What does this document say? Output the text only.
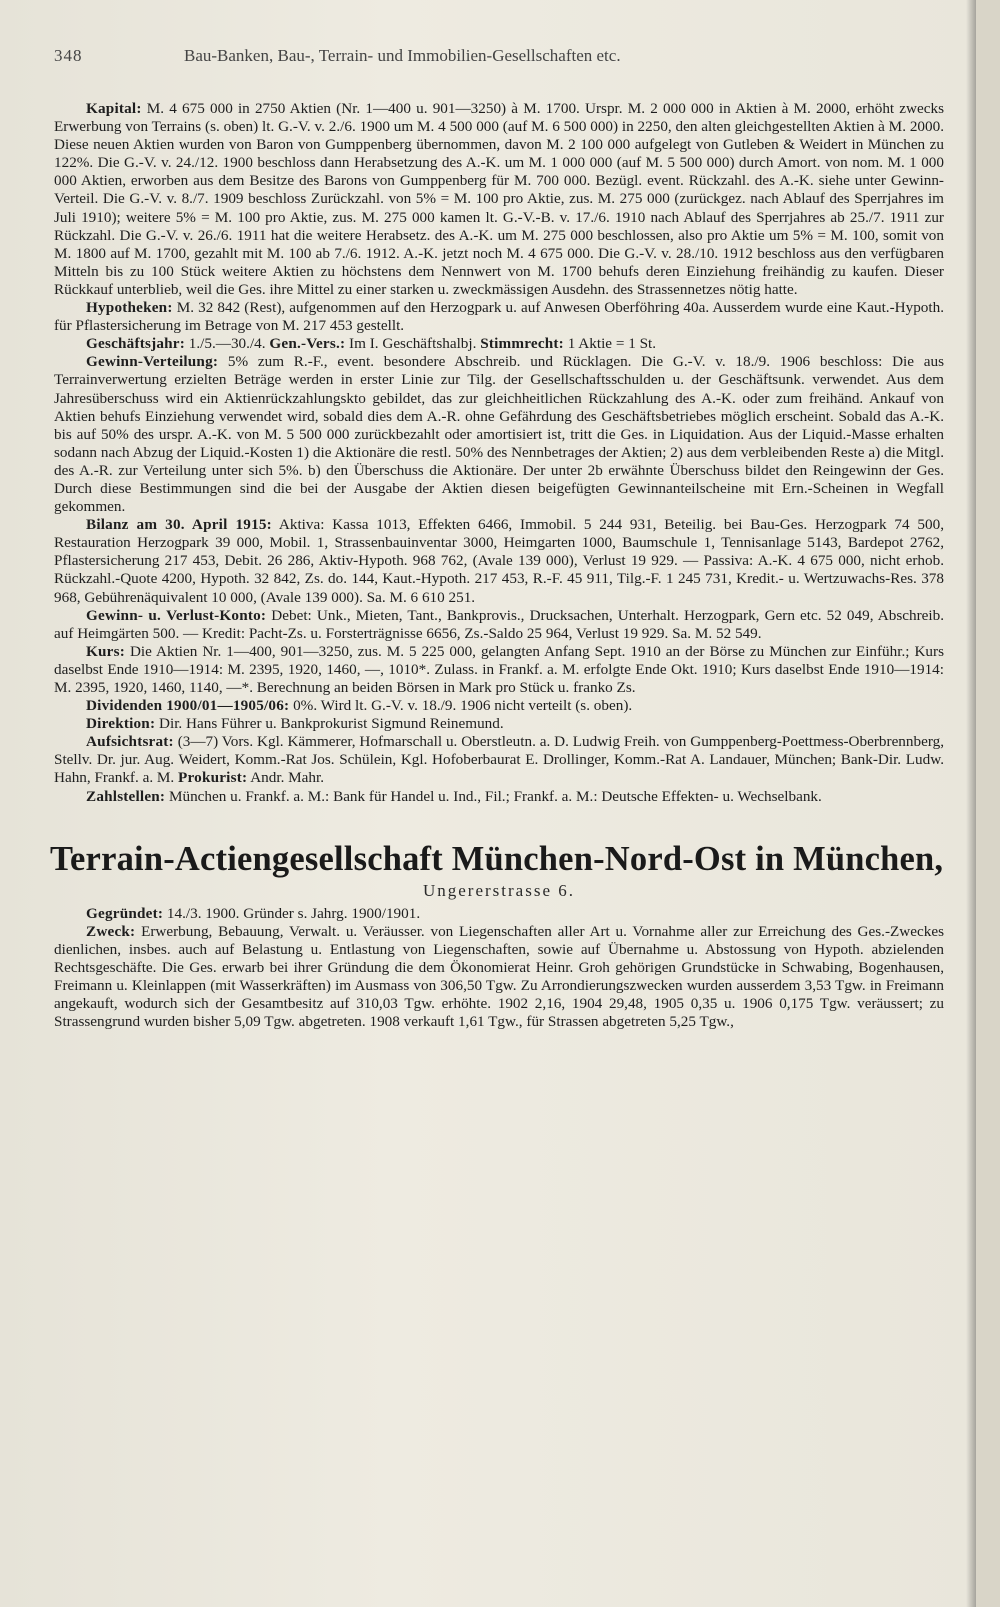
348	Bau-Banken, Bau-, Terrain- und Immobilien-Gesellschaften etc.

Kapital: M. 4 675 000 in 2750 Aktien (Nr. 1—400 u. 901—3250) à M. 1700. Urspr. M. 2 000 000 in Aktien à M. 2000, erhöht zwecks Erwerbung von Terrains (s. oben) lt. G.-V. v. 2./6. 1900 um M. 4 500 000 (auf M. 6 500 000) in 2250, den alten gleichgestellten Aktien à M. 2000. Diese neuen Aktien wurden von Baron von Gumppenberg übernommen, davon M. 2 100 000 aufgelegt von Gutleben & Weidert in München zu 122%. Die G.-V. v. 24./12. 1900 beschloss dann Herabsetzung des A.-K. um M. 1 000 000 (auf M. 5 500 000) durch Amort. von nom. M. 1 000 000 Aktien, erworben aus dem Besitze des Barons von Gumppenberg für M. 700 000. Bezügl. event. Rückzahl. des A.-K. siehe unter Gewinn-Verteil. Die G.-V. v. 8./7. 1909 beschloss Zurückzahl. von 5% = M. 100 pro Aktie, zus. M. 275 000 (zurückgez. nach Ablauf des Sperrjahres im Juli 1910); weitere 5% = M. 100 pro Aktie, zus. M. 275 000 kamen lt. G.-V.-B. v. 17./6. 1910 nach Ablauf des Sperrjahres ab 25./7. 1911 zur Rückzahl. Die G.-V. v. 26./6. 1911 hat die weitere Herabsetz. des A.-K. um M. 275 000 beschlossen, also pro Aktie um 5% = M. 100, somit von M. 1800 auf M. 1700, gezahlt mit M. 100 ab 7./6. 1912. A.-K. jetzt noch M. 4 675 000. Die G.-V. v. 28./10. 1912 beschloss aus den verfügbaren Mitteln bis zu 100 Stück weitere Aktien zu höchstens dem Nennwert von M. 1700 behufs deren Einziehung freihändig zu kaufen. Dieser Rückkauf unterblieb, weil die Ges. ihre Mittel zu einer starken u. zweckmässigen Ausdehn. des Strassennetzes nötig hatte.

Hypotheken: M. 32 842 (Rest), aufgenommen auf den Herzogpark u. auf Anwesen Oberföhring 40a. Ausserdem wurde eine Kaut.-Hypoth. für Pflastersicherung im Betrage von M. 217 453 gestellt.

Geschäftsjahr: 1./5.—30./4. Gen.-Vers.: Im I. Geschäftshalbj. Stimmrecht: 1 Aktie = 1 St.

Gewinn-Verteilung: 5% zum R.-F., event. besondere Abschreib. und Rücklagen. Die G.-V. v. 18./9. 1906 beschloss: Die aus Terrainverwertung erzielten Beträge werden in erster Linie zur Tilg. der Gesellschaftsschulden u. der Geschäftsunk. verwendet. Aus dem Jahresüberschuss wird ein Aktienrückzahlungskto gebildet, das zur gleichheitlichen Rückzahlung des A.-K. oder zum freihänd. Ankauf von Aktien behufs Einziehung verwendet wird, sobald dies dem A.-R. ohne Gefährdung des Geschäftsbetriebes möglich erscheint. Sobald das A.-K. bis auf 50% des urspr. A.-K. von M. 5 500 000 zurückbezahlt oder amortisiert ist, tritt die Ges. in Liquidation. Aus der Liquid.-Masse erhalten sodann nach Abzug der Liquid.-Kosten 1) die Aktionäre die restl. 50% des Nennbetrages der Aktien; 2) aus dem verbleibenden Reste a) die Mitgl. des A.-R. zur Verteilung unter sich 5%. b) den Überschuss die Aktionäre. Der unter 2b erwähnte Überschuss bildet den Reingewinn der Ges. Durch diese Bestimmungen sind die bei der Ausgabe der Aktien diesen beigefügten Gewinnanteilscheine mit Ern.-Scheinen in Wegfall gekommen.

Bilanz am 30. April 1915: Aktiva: Kassa 1013, Effekten 6466, Immobil. 5 244 931, Beteilig. bei Bau-Ges. Herzogpark 74 500, Restauration Herzogpark 39 000, Mobil. 1, Strassenbauinventar 3000, Heimgarten 1000, Baumschule 1, Tennisanlage 5143, Bardepot 2762, Pflastersicherung 217 453, Debit. 26 286, Aktiv-Hypoth. 968 762, (Avale 139 000), Verlust 19 929. — Passiva: A.-K. 4 675 000, nicht erhob. Rückzahl.-Quote 4200, Hypoth. 32 842, Zs. do. 144, Kaut.-Hypoth. 217 453, R.-F. 45 911, Tilg.-F. 1 245 731, Kredit.- u. Wertzuwachs-Res. 378 968, Gebührenäquivalent 10 000, (Avale 139 000). Sa. M. 6 610 251.

Gewinn- u. Verlust-Konto: Debet: Unk., Mieten, Tant., Bankprovis., Drucksachen, Unterhalt. Herzogpark, Gern etc. 52 049, Abschreib. auf Heimgärten 500. — Kredit: Pacht-Zs. u. Forsterträgnisse 6656, Zs.-Saldo 25 964, Verlust 19 929. Sa. M. 52 549.

Kurs: Die Aktien Nr. 1—400, 901—3250, zus. M. 5 225 000, gelangten Anfang Sept. 1910 an der Börse zu München zur Einführ.; Kurs daselbst Ende 1910—1914: M. 2395, 1920, 1460, —, 1010*. Zulass. in Frankf. a. M. erfolgte Ende Okt. 1910; Kurs daselbst Ende 1910—1914: M. 2395, 1920, 1460, 1140, —*. Berechnung an beiden Börsen in Mark pro Stück u. franko Zs.

Dividenden 1900/01—1905/06: 0%. Wird lt. G.-V. v. 18./9. 1906 nicht verteilt (s. oben).

Direktion: Dir. Hans Führer u. Bankprokurist Sigmund Reinemund.

Aufsichtsrat: (3—7) Vors. Kgl. Kämmerer, Hofmarschall u. Oberstleutn. a. D. Ludwig Freih. von Gumppenberg-Poettmess-Oberbrennberg, Stellv. Dr. jur. Aug. Weidert, Komm.-Rat Jos. Schülein, Kgl. Hofoberbaurat E. Drollinger, Komm.-Rat A. Landauer, München; Bank-Dir. Ludw. Hahn, Frankf. a. M. Prokurist: Andr. Mahr.

Zahlstellen: München u. Frankf. a. M.: Bank für Handel u. Ind., Fil.; Frankf. a. M.: Deutsche Effekten- u. Wechselbank.

Terrain-Actiengesellschaft München-Nord-Ost in München,
Ungererstrasse 6.

Gegründet: 14./3. 1900. Gründer s. Jahrg. 1900/1901.

Zweck: Erwerbung, Bebauung, Verwalt. u. Veräusser. von Liegenschaften aller Art u. Vornahme aller zur Erreichung des Ges.-Zweckes dienlichen, insbes. auch auf Belastung u. Entlastung von Liegenschaften, sowie auf Übernahme u. Abstossung von Hypoth. abzielenden Rechtsgeschäfte. Die Ges. erwarb bei ihrer Gründung die dem Ökonomierat Heinr. Groh gehörigen Grundstücke in Schwabing, Bogenhausen, Freimann u. Kleinlappen (mit Wasserkräften) im Ausmass von 306,50 Tgw. Zu Arrondierungszwecken wurden ausserdem 3,53 Tgw. in Freimann angekauft, wodurch sich der Gesamtbesitz auf 310,03 Tgw. erhöhte. 1902 2,16, 1904 29,48, 1905 0,35 u. 1906 0,175 Tgw. veräussert; zu Strassengrund wurden bisher 5,09 Tgw. abgetreten. 1908 verkauft 1,61 Tgw., für Strassen abgetreten 5,25 Tgw.,
